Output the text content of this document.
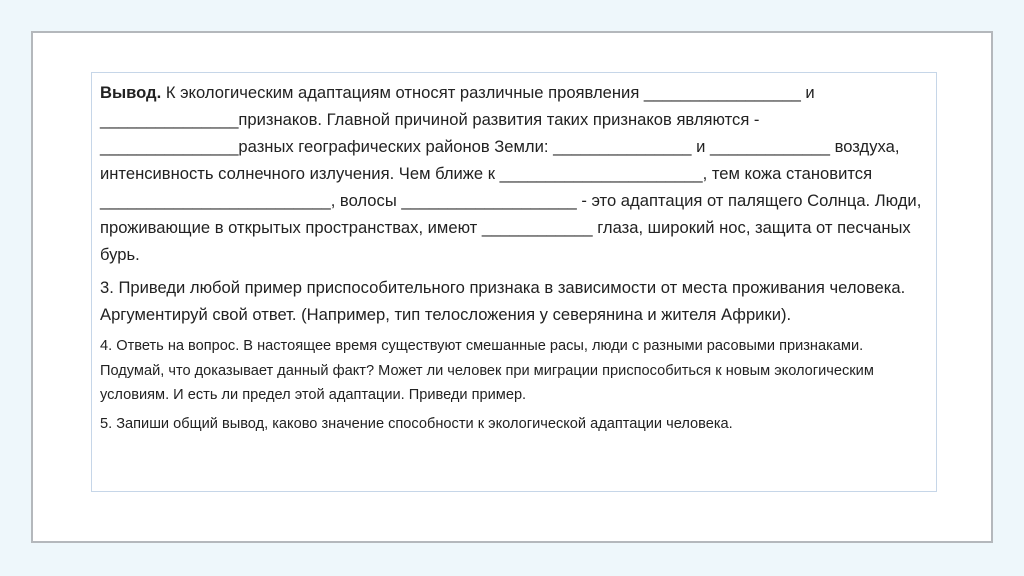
Вывод. К экологическим адаптациям относят различные проявления _________________ и _______________признаков. Главной причиной развития таких признаков являются - _______________разных географических районов Земли: _______________ и _____________ воздуха, интенсивность солнечного излучения. Чем ближе к ______________________, тем кожа становится _________________________, волосы ___________________ - это адаптация от палящего Солнца. Люди, проживающие в открытых пространствах, имеют ____________ глаза, широкий нос, защита от песчаных бурь.

3. Приведи любой пример приспособительного признака в зависимости от места проживания человека. Аргументируй свой ответ. (Например, тип телосложения у северянина и жителя Африки).

4. Ответь на вопрос. В настоящее время существуют смешанные расы, люди с разными расовыми признаками. Подумай, что доказывает данный факт? Может ли человек при миграции приспособиться к новым экологическим условиям. И есть ли предел этой адаптации. Приведи пример.

5. Запиши общий вывод, каково значение способности к экологической адаптации человека.
